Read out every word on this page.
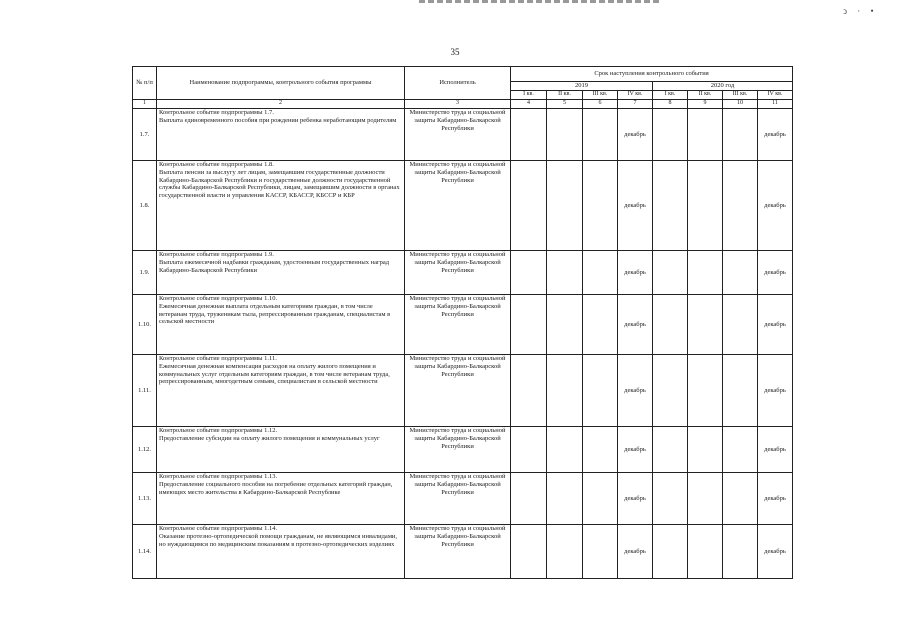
ↄ · •
35
№ п/п	Наименование подпрограммы, контрольного события программы	Исполнитель	Срок наступления контрольного события							
			2019				2020 год			
			I кв.	II кв.	III кв.	IV кв.	I кв.	II кв.	III кв.	IV кв.
1	2	3	4	5	6	7	8	9	10	11
1.7.	Контрольное событие подпрограммы 1.7.
Выплата единовременного пособия при рождении ребенка неработающим родителям	Министерство труда и социальной защиты Кабардино-Балкарской Республики				декабрь				декабрь
1.8.	Контрольное событие подпрограммы 1.8.
Выплата пенсии за выслугу лет лицам, замещавшим государственные должности Кабардино-Балкарской Республики и государственные должности государственной службы Кабардино-Балкарской Республики, лицам, замещавшим должности в органах государственной власти и управления КАССР, КБАССР, КБССР и КБР	Министерство труда и социальной защиты Кабардино-Балкарской Республики				декабрь				декабрь
1.9.	Контрольное событие подпрограммы 1.9.
Выплата ежемесячной надбавки гражданам, удостоенным государственных наград Кабардино-Балкарской Республики	Министерство труда и социальной защиты Кабардино-Балкарской Республики				декабрь				декабрь
1.10.	Контрольное событие подпрограммы 1.10.
Ежемесячная денежная выплата отдельным категориям граждан, в том числе ветеранам труда, труженикам тыла, репрессированным гражданам, специалистам в сельской местности	Министерство труда и социальной защиты Кабардино-Балкарской Республики				декабрь				декабрь
1.11.	Контрольное событие подпрограммы 1.11.
Ежемесячная денежная компенсация расходов на оплату жилого помещения и коммунальных услуг отдельным категориям граждан, в том числе ветеранам труда, репрессированным, многодетным семьям, специалистам в сельской местности	Министерство труда и социальной защиты Кабардино-Балкарской Республики				декабрь				декабрь
1.12.	Контрольное событие подпрограммы 1.12.
Предоставление субсидии на оплату жилого помещения и коммунальных услуг	Министерство труда и социальной защиты Кабардино-Балкарской Республики				декабрь				декабрь
1.13.	Контрольное событие подпрограммы 1.13.
Предоставление социального пособия на погребение отдельных категорий граждан, имеющих место жительства в Кабардино-Балкарской Республике	Министерство труда и социальной защиты Кабардино-Балкарской Республики				декабрь				декабрь
1.14.	Контрольное событие подпрограммы 1.14.
Оказание протезно-ортопедической помощи гражданам, не являющимся инвалидами, но нуждающимся по медицинским показаниям в протезно-ортопедических изделиях	Министерство труда и социальной защиты Кабардино-Балкарской Республики				декабрь				декабрь
